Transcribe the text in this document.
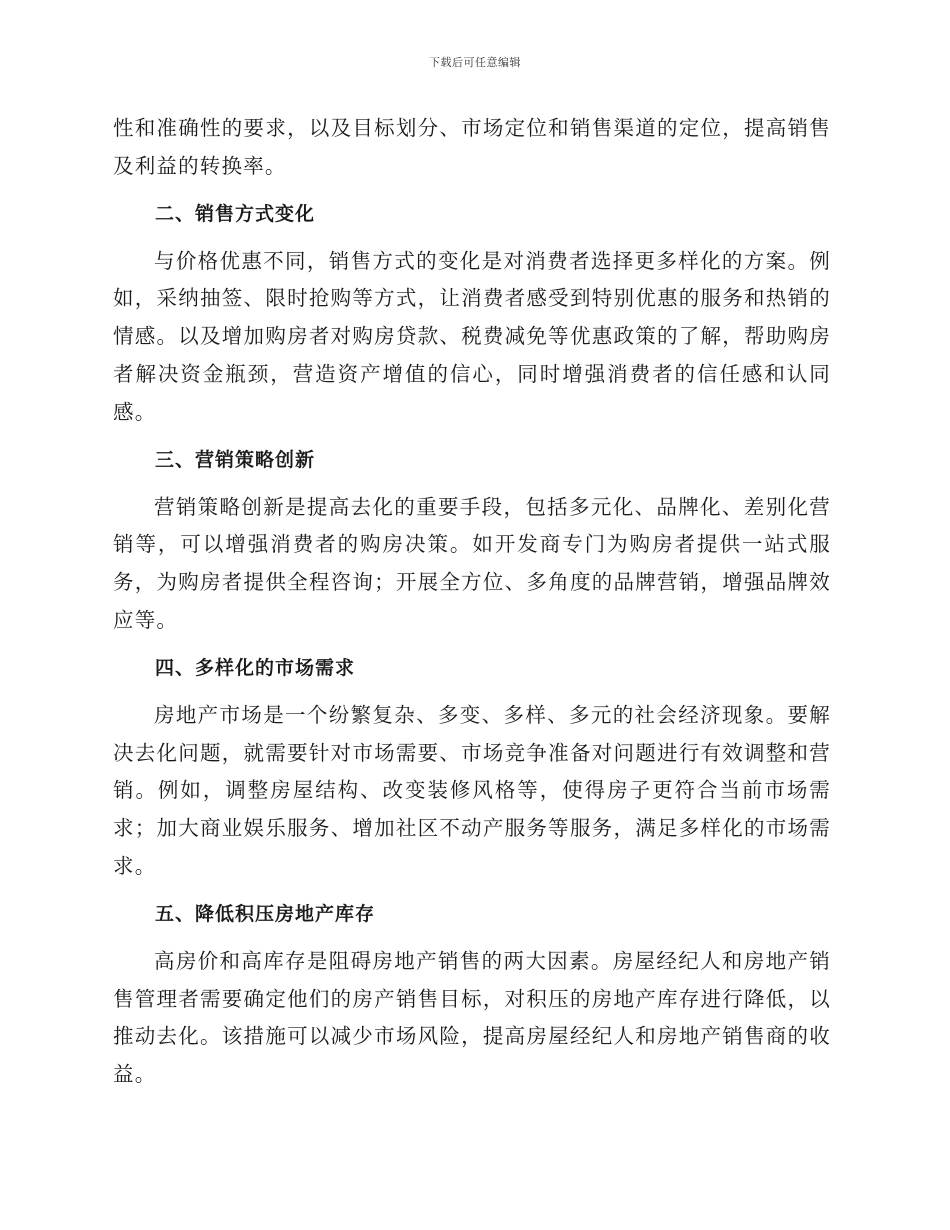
下载后可任意编辑

性和准确性的要求，以及目标划分、市场定位和销售渠道的定位，提高销售及利益的转换率。

二、销售方式变化

与价格优惠不同，销售方式的变化是对消费者选择更多样化的方案。例如，采纳抽签、限时抢购等方式，让消费者感受到特别优惠的服务和热销的情感。以及增加购房者对购房贷款、税费减免等优惠政策的了解，帮助购房者解决资金瓶颈，营造资产增值的信心，同时增强消费者的信任感和认同感。

三、营销策略创新

营销策略创新是提高去化的重要手段，包括多元化、品牌化、差别化营销等，可以增强消费者的购房决策。如开发商专门为购房者提供一站式服务，为购房者提供全程咨询；开展全方位、多角度的品牌营销，增强品牌效应等。

四、多样化的市场需求

房地产市场是一个纷繁复杂、多变、多样、多元的社会经济现象。要解决去化问题，就需要针对市场需要、市场竞争准备对问题进行有效调整和营销。例如，调整房屋结构、改变装修风格等，使得房子更符合当前市场需求；加大商业娱乐服务、增加社区不动产服务等服务，满足多样化的市场需求。

五、降低积压房地产库存

高房价和高库存是阻碍房地产销售的两大因素。房屋经纪人和房地产销售管理者需要确定他们的房产销售目标，对积压的房地产库存进行降低，以推动去化。该措施可以减少市场风险，提高房屋经纪人和房地产销售商的收益。
